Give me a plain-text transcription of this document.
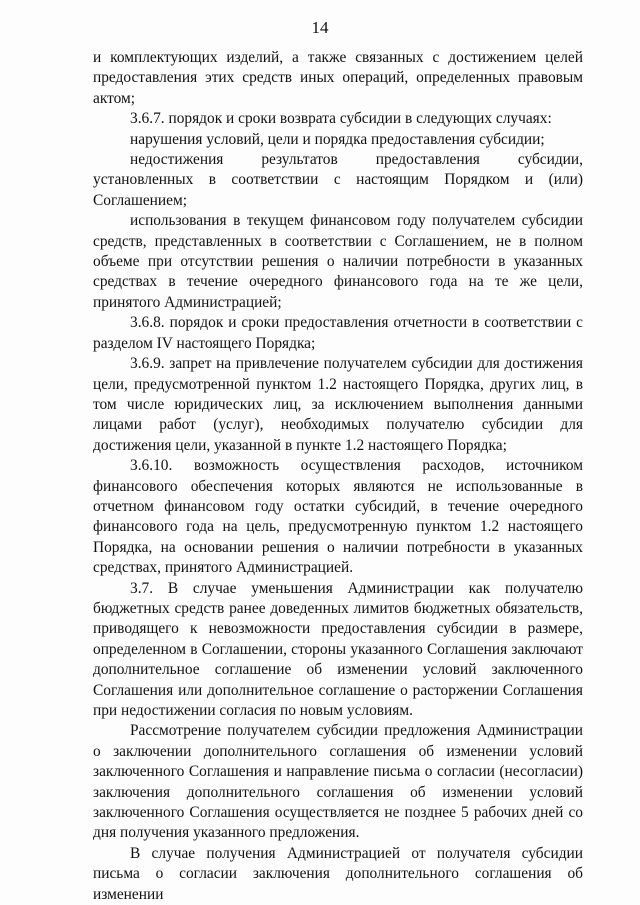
14

и комплектующих изделий, а также связанных с достижением целей предоставления этих средств иных операций, определенных правовым актом;

3.6.7. порядок и сроки возврата субсидии в следующих случаях:

нарушения условий, цели и порядка предоставления субсидии;

недостижения результатов предоставления субсидии, установленных в соответствии с настоящим Порядком и (или) Соглашением;

использования в текущем финансовом году получателем субсидии средств, представленных в соответствии с Соглашением, не в полном объеме при отсутствии решения о наличии потребности в указанных средствах в течение очередного финансового года на те же цели, принятого Администрацией;

3.6.8. порядок и сроки предоставления отчетности в соответствии с разделом IV настоящего Порядка;

3.6.9. запрет на привлечение получателем субсидии для достижения цели, предусмотренной пунктом 1.2 настоящего Порядка, других лиц, в том числе юридических лиц, за исключением выполнения данными лицами работ (услуг), необходимых получателю субсидии для достижения цели, указанной в пункте 1.2 настоящего Порядка;

3.6.10. возможность осуществления расходов, источником финансового обеспечения которых являются не использованные в отчетном финансовом году остатки субсидий, в течение очередного финансового года на цель, предусмотренную пунктом 1.2 настоящего Порядка, на основании решения о наличии потребности в указанных средствах, принятого Администрацией.

3.7. В случае уменьшения Администрации как получателю бюджетных средств ранее доведенных лимитов бюджетных обязательств, приводящего к невозможности предоставления субсидии в размере, определенном в Соглашении, стороны указанного Соглашения заключают дополнительное соглашение об изменении условий заключенного Соглашения или дополнительное соглашение о расторжении Соглашения при недостижении согласия по новым условиям.

Рассмотрение получателем субсидии предложения Администрации о заключении дополнительного соглашения об изменении условий заключенного Соглашения и направление письма о согласии (несогласии) заключения дополнительного соглашения об изменении условий заключенного Соглашения осуществляется не позднее 5 рабочих дней со дня получения указанного предложения.

В случае получения Администрацией от получателя субсидии письма о согласии заключения дополнительного соглашения об изменении
